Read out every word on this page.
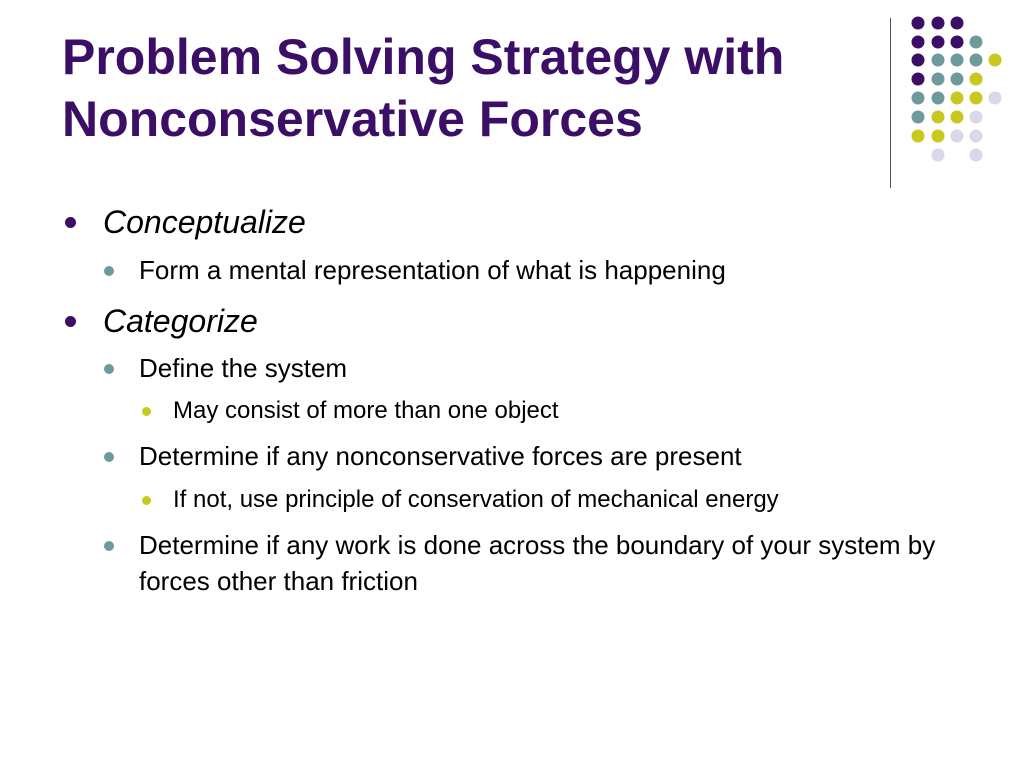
Problem Solving Strategy with
Nonconservative Forces

Conceptualize

Form a mental representation of what is happening

Categorize

Define the system

May consist of more than one object

Determine if any nonconservative forces are present

If not, use principle of conservation of mechanical energy

Determine if any work is done across the boundary of your system by forces other than friction
